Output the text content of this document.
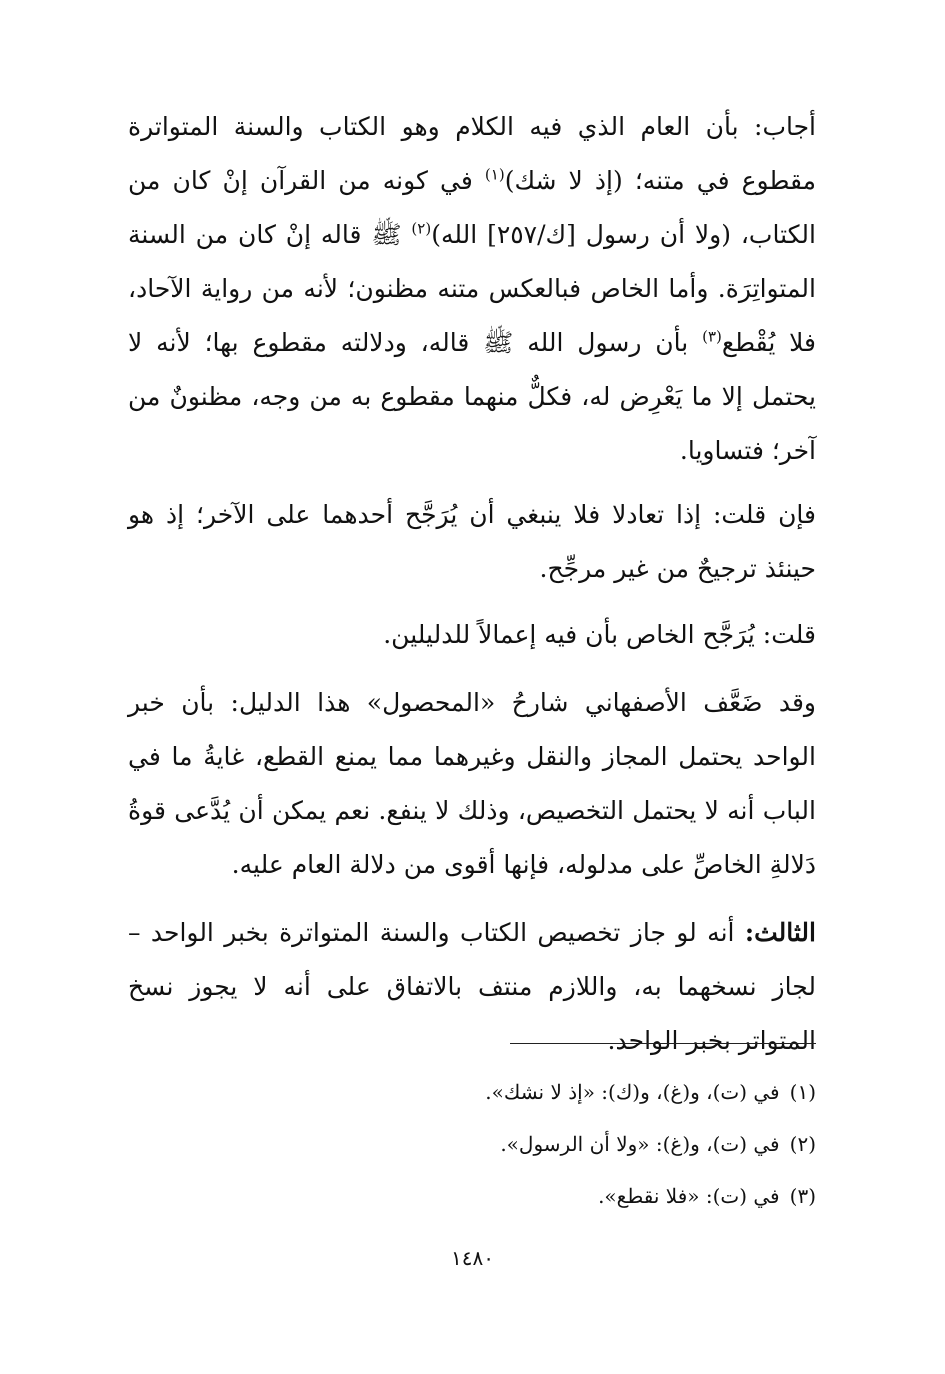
أجاب: بأن العام الذي فيه الكلام وهو الكتاب والسنة المتواترة مقطوع في متنه؛ (إذ لا شك)$^{(١)}$ في كونه من القرآن إنْ كان من الكتاب، (ولا أن رسول [ك/٢٥٧] الله)$^{(٢)}$ ﷺ قاله إنْ كان من السنة المتواتِرَة. وأما الخاص فبالعكس متنه مظنون؛ لأنه من رواية الآحاد، فلا يُقْطع$^{(٣)}$ بأن رسول الله ﷺ قاله، ودلالته مقطوع بها؛ لأنه لا يحتمل إلا ما يَعْرِض له، فكلٌّ منهما مقطوع به من وجه، مظنونٌ من آخر؛ فتساويا.

فإن قلت: إذا تعادلا فلا ينبغي أن يُرَجَّح أحدهما على الآخر؛ إذ هو حينئذ ترجيحٌ من غير مرجِّح.

قلت: يُرَجَّح الخاص بأن فيه إعمالاً للدليلين.

وقد ضَعَّف الأصفهاني شارحُ «المحصول» هذا الدليل: بأن خبر الواحد يحتمل المجاز والنقل وغيرهما مما يمنع القطع، غايةُ ما في الباب أنه لا يحتمل التخصيص، وذلك لا ينفع. نعم يمكن أن يُدَّعى قوةُ دَلالةِ الخاصِّ على مدلوله، فإنها أقوى من دلالة العام عليه.

الثالث: أنه لو جاز تخصيص الكتاب والسنة المتواترة بخبر الواحد – لجاز نسخهما به، واللازم منتف بالاتفاق على أنه لا يجوز نسخ المتواتر بخبر الواحد.

(١)في (ت)، و(غ)، و(ك): «إذ لا نشك».
(٢)في (ت)، و(غ): «ولا أن الرسول».
(٣)في (ت): «فلا نقطع».
١٤٨٠
